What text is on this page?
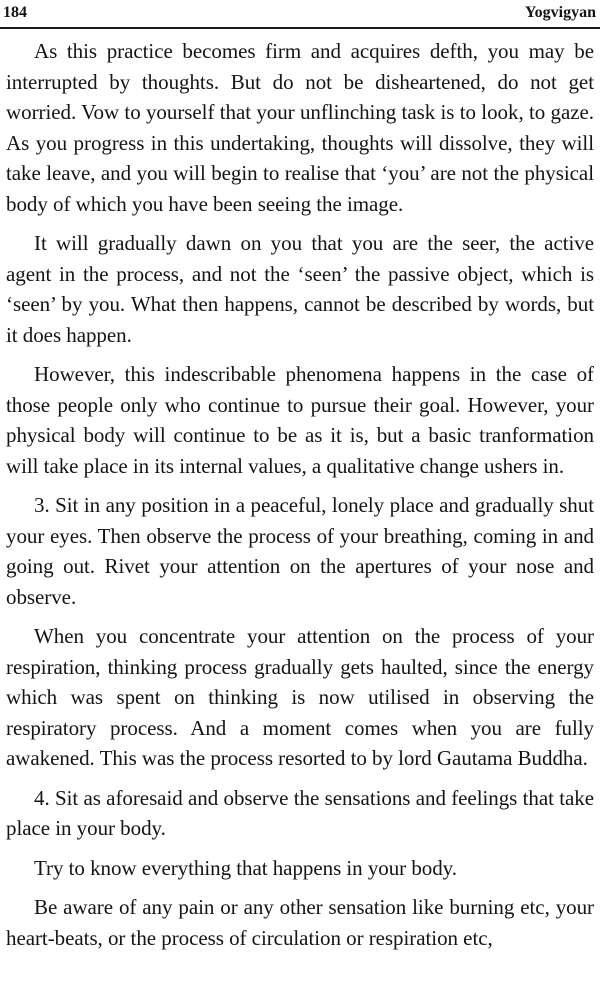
184	Yogvigyan

As this practice becomes firm and acquires defth, you may be interrupted by thoughts. But do not be disheartened, do not get worried. Vow to yourself that your unflinching task is to look, to gaze. As you progress in this undertaking, thoughts will dissolve, they will take leave, and you will begin to realise that ‘you’ are not the physical body of which you have been seeing the image.

It will gradually dawn on you that you are the seer, the active agent in the process, and not the ‘seen’ the passive object, which is ‘seen’ by you. What then happens, cannot be described by words, but it does happen.

However, this indescribable phenomena happens in the case of those people only who continue to pursue their goal. However, your physical body will continue to be as it is, but a basic tranformation will take place in its internal values, a qualitative change ushers in.

3. Sit in any position in a peaceful, lonely place and gradually shut your eyes. Then observe the process of your breathing, coming in and going out. Rivet your attention on the apertures of your nose and observe.

When you concentrate your attention on the process of your respiration, thinking process gradually gets haulted, since the energy which was spent on thinking is now utilised in observing the respiratory process. And a moment comes when you are fully awakened. This was the process resorted to by lord Gautama Buddha.

4. Sit as aforesaid and observe the sensations and feelings that take place in your body.

Try to know everything that happens in your body.

Be aware of any pain or any other sensation like burning etc, your heart-beats, or the process of circulation or respiration etc,
